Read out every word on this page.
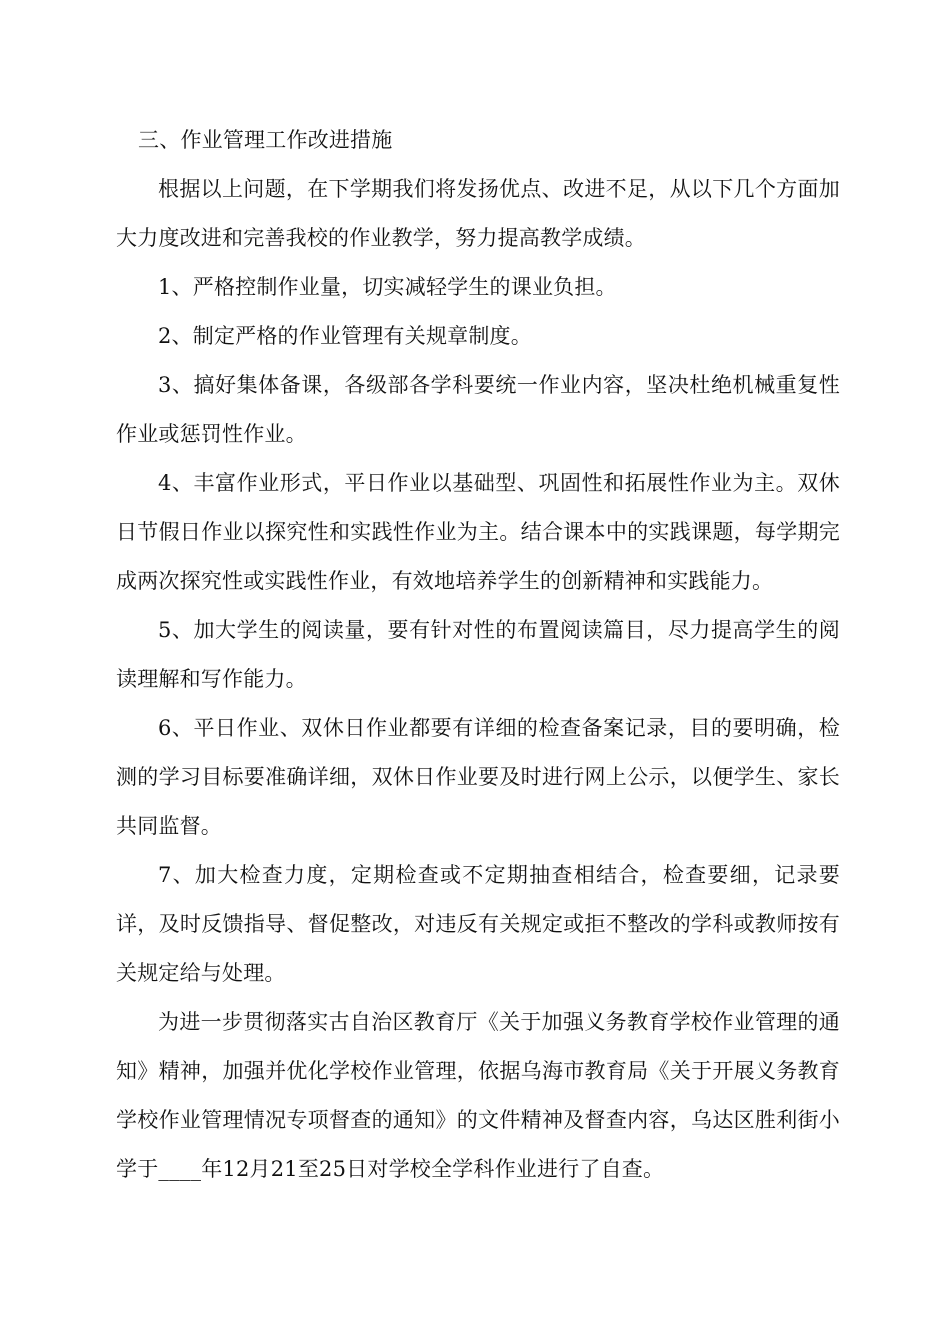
三、作业管理工作改进措施

根据以上问题，在下学期我们将发扬优点、改进不足，从以下几个方面加大力度改进和完善我校的作业教学，努力提高教学成绩。

1、严格控制作业量，切实减轻学生的课业负担。

2、制定严格的作业管理有关规章制度。

3、搞好集体备课，各级部各学科要统一作业内容，坚决杜绝机械重复性作业或惩罚性作业。

4、丰富作业形式，平日作业以基础型、巩固性和拓展性作业为主。双休日节假日作业以探究性和实践性作业为主。结合课本中的实践课题，每学期完成两次探究性或实践性作业，有效地培养学生的创新精神和实践能力。

5、加大学生的阅读量，要有针对性的布置阅读篇目，尽力提高学生的阅读理解和写作能力。

6、平日作业、双休日作业都要有详细的检查备案记录，目的要明确，检测的学习目标要准确详细，双休日作业要及时进行网上公示，以便学生、家长共同监督。

7、加大检查力度，定期检查或不定期抽查相结合，检查要细，记录要详，及时反馈指导、督促整改，对违反有关规定或拒不整改的学科或教师按有关规定给与处理。

为进一步贯彻落实古自治区教育厅《关于加强义务教育学校作业管理的通知》精神，加强并优化学校作业管理，依据乌海市教育局《关于开展义务教育学校作业管理情况专项督查的通知》的文件精神及督查内容，乌达区胜利街小学于____年12月21至25日对学校全学科作业进行了自查。
